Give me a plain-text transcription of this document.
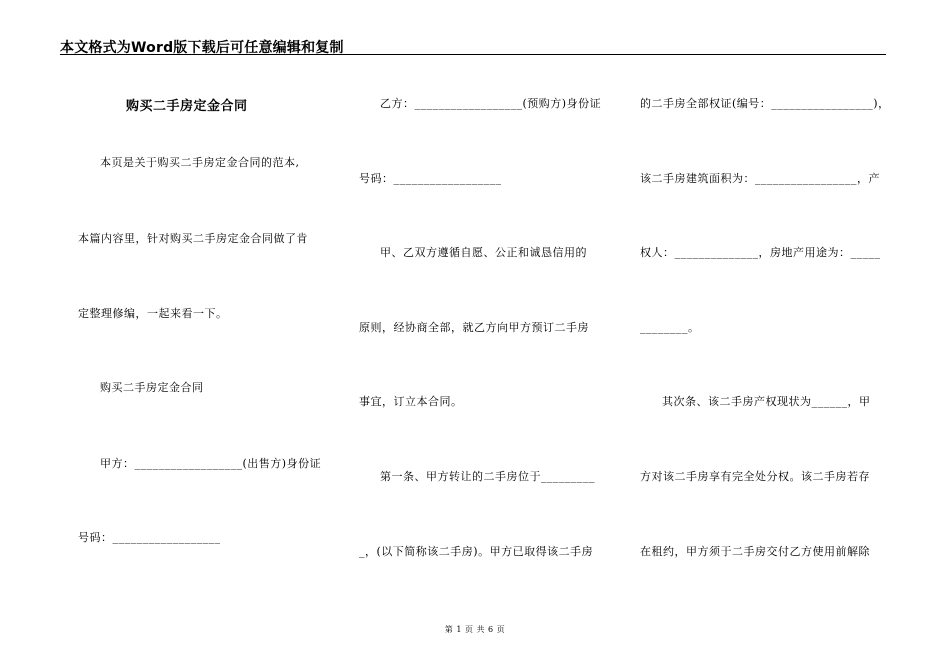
本文格式为Word版下载后可任意编辑和复制
购买二手房定金合同
本页是关于购买二手房定金合同的范本,
本篇内容里，针对购买二手房定金合同做了肯
定整理修编，一起来看一下。
购买二手房定金合同
甲方：__________________(出售方)身份证
号码：__________________
乙方：__________________(预购方)身份证
号码：__________________
甲、乙双方遵循自愿、公正和诚恳信用的
原则，经协商全部，就乙方向甲方预订二手房
事宜，订立本合同。
第一条、甲方转让的二手房位于_________
_，(以下简称该二手房)。甲方已取得该二手房
的二手房全部权证(编号：_________________)，
该二手房建筑面积为：_________________，产
权人：______________，房地产用途为：_____
________。
其次条、该二手房产权现状为______，甲
方对该二手房享有完全处分权。该二手房若存
在租约，甲方须于二手房交付乙方使用前解除
第 1 页 共 6 页
